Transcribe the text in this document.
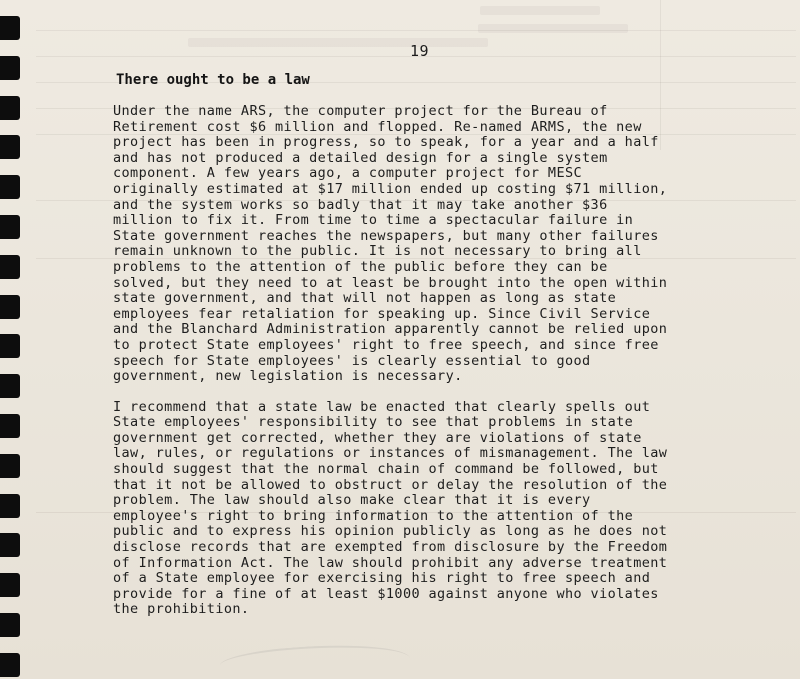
19
There ought to be a law

Under the name ARS, the computer project for the Bureau of
Retirement cost $6 million and flopped. Re-named ARMS, the new
project has been in progress, so to speak, for a year and a half
and has not produced a detailed design for a single system
component. A few years ago, a computer project for MESC
originally estimated at $17 million ended up costing $71 million,
and the system works so badly that it may take another $36
million to fix it. From time to time a spectacular failure in
State government reaches the newspapers, but many other failures
remain unknown to the public. It is not necessary to bring all
problems to the attention of the public before they can be
solved, but they need to at least be brought into the open within
state government, and that will not happen as long as state
employees fear retaliation for speaking up. Since Civil Service
and the Blanchard Administration apparently cannot be relied upon
to protect State employees' right to free speech, and since free
speech for State employees' is clearly essential to good
government, new legislation is necessary.

I recommend that a state law be enacted that clearly spells out
State employees' responsibility to see that problems in state
government get corrected, whether they are violations of state
law, rules, or regulations or instances of mismanagement. The law
should suggest that the normal chain of command be followed, but
that it not be allowed to obstruct or delay the resolution of the
problem. The law should also make clear that it is every
employee's right to bring information to the attention of the
public and to express his opinion publicly as long as he does not
disclose records that are exempted from disclosure by the Freedom
of Information Act. The law should prohibit any adverse treatment
of a State employee for exercising his right to free speech and
provide for a fine of at least $1000 against anyone who violates
the prohibition.
